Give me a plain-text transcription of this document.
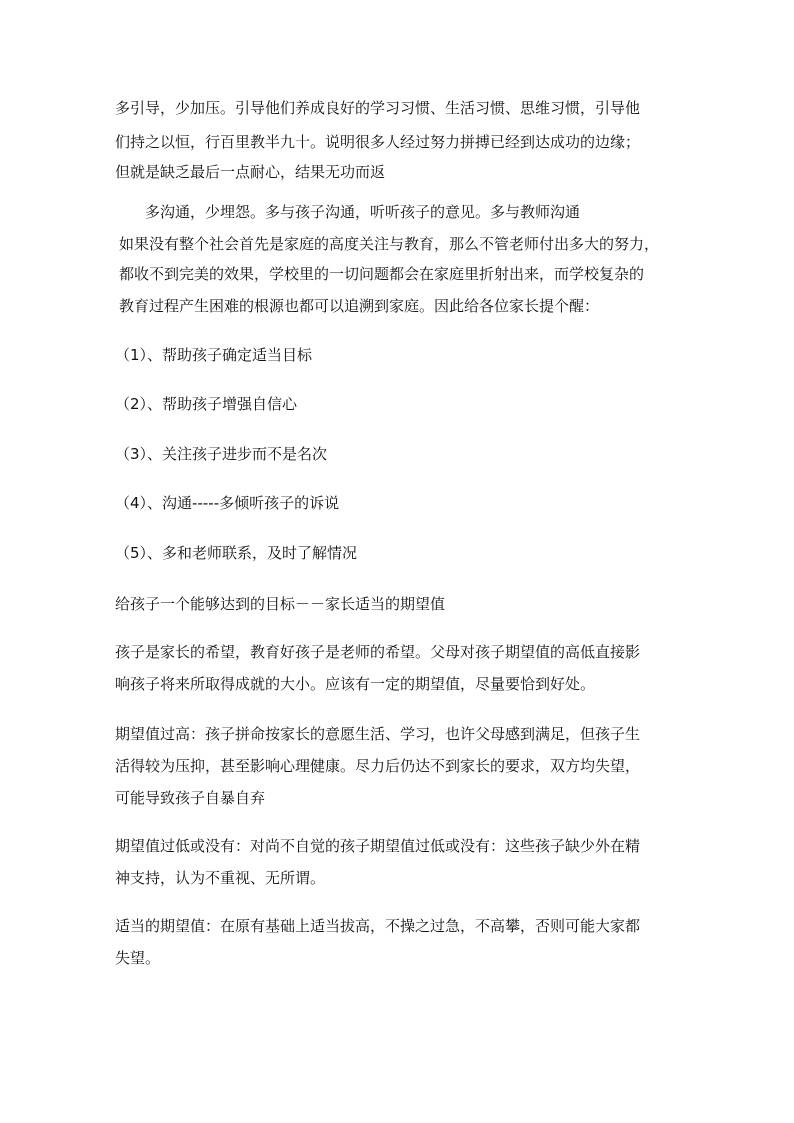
多引导，少加压。引导他们养成良好的学习习惯、生活习惯、思维习惯，引导他
们持之以恒，行百里教半九十。说明很多人经过努力拼搏已经到达成功的边缘；
但就是缺乏最后一点耐心，结果无功而返
多沟通，少埋怨。多与孩子沟通，听听孩子的意见。多与教师沟通
如果没有整个社会首先是家庭的高度关注与教育，那么不管老师付出多大的努力，
都收不到完美的效果，学校里的一切问题都会在家庭里折射出来，而学校复杂的
教育过程产生困难的根源也都可以追溯到家庭。因此给各位家长提个醒：
（1）、帮助孩子确定适当目标
（2）、帮助孩子增强自信心
（3）、关注孩子进步而不是名次
（4）、沟通-----多倾听孩子的诉说
（5）、多和老师联系，及时了解情况
给孩子一个能够达到的目标－－家长适当的期望值
孩子是家长的希望，教育好孩子是老师的希望。父母对孩子期望值的高低直接影
响孩子将来所取得成就的大小。应该有一定的期望值，尽量要恰到好处。
期望值过高：孩子拼命按家长的意愿生活、学习，也许父母感到满足，但孩子生
活得较为压抑，甚至影响心理健康。尽力后仍达不到家长的要求，双方均失望，
可能导致孩子自暴自弃
期望值过低或没有：对尚不自觉的孩子期望值过低或没有：这些孩子缺少外在精
神支持，认为不重视、无所谓。
适当的期望值：在原有基础上适当拔高，不操之过急，不高攀，否则可能大家都
失望。
